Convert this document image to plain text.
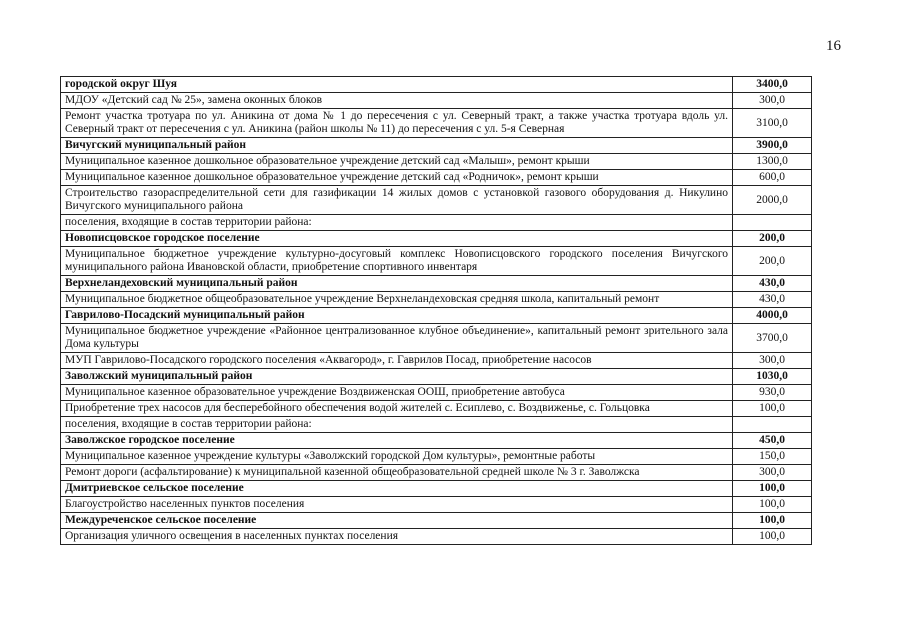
16
городской округ Шуя	3400,0
МДОУ «Детский сад № 25», замена оконных блоков	300,0
Ремонт участка тротуара по ул. Аникина от дома № 1 до пересечения с ул. Северный тракт, а также участка тротуара вдоль ул. Северный тракт от пересечения с ул. Аникина (район школы № 11) до пересечения с ул. 5-я Северная	3100,0
Вичугский муниципальный район	3900,0
Муниципальное казенное дошкольное образовательное учреждение детский сад «Малыш», ремонт крыши	1300,0
Муниципальное казенное дошкольное образовательное учреждение детский сад «Родничок», ремонт крыши	600,0
Строительство газораспределительной сети для газификации 14 жилых домов с установкой газового оборудования д. Никулино Вичугского муниципального района	2000,0
поселения, входящие в состав территории района:	
Новописцовское городское поселение	200,0
Муниципальное бюджетное учреждение культурно-досуговый комплекс Новописцовского городского поселения Вичугского муниципального района Ивановской области, приобретение спортивного инвентаря	200,0
Верхнеландеховский муниципальный район	430,0
Муниципальное бюджетное общеобразовательное учреждение Верхнеландеховская средняя школа, капитальный ремонт	430,0
Гаврилово-Посадский муниципальный район	4000,0
Муниципальное бюджетное учреждение «Районное централизованное клубное объединение», капитальный ремонт зрительного зала Дома культуры	3700,0
МУП Гаврилово-Посадского городского поселения «Аквагород», г. Гаврилов Посад, приобретение насосов	300,0
Заволжский муниципальный район	1030,0
Муниципальное казенное образовательное учреждение Воздвиженская ООШ, приобретение автобуса	930,0
Приобретение трех насосов для бесперебойного обеспечения водой жителей с. Есиплево, с. Воздвиженье, с. Гольцовка	100,0
поселения, входящие в состав территории района:	
Заволжское городское поселение	450,0
Муниципальное казенное учреждение культуры «Заволжский городской Дом культуры», ремонтные работы	150,0
Ремонт дороги (асфальтирование) к муниципальной казенной общеобразовательной средней школе № 3 г. Заволжска	300,0
Дмитриевское сельское поселение	100,0
Благоустройство населенных пунктов поселения	100,0
Междуреченское сельское поселение	100,0
Организация уличного освещения в населенных пунктах поселения	100,0
